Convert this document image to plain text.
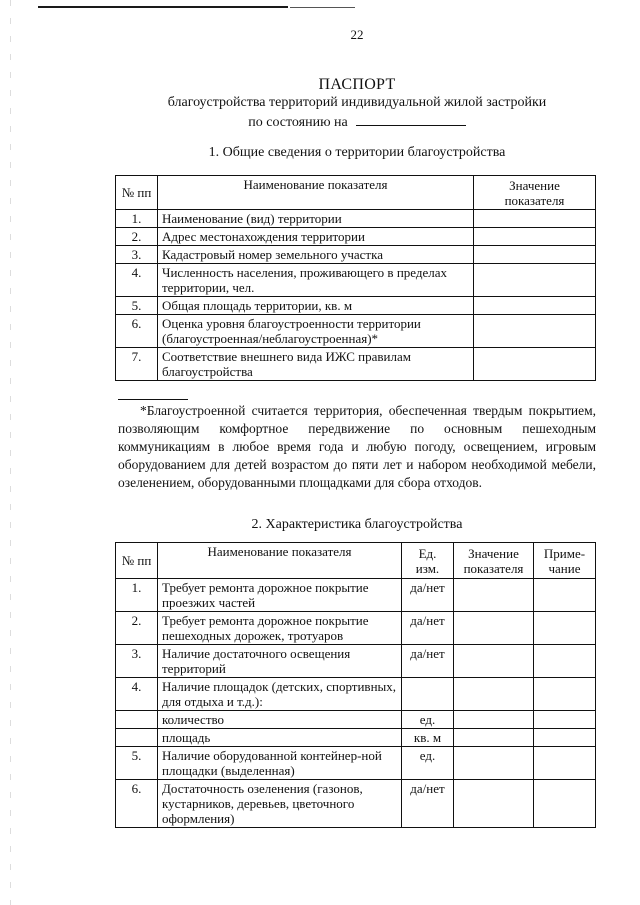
22
ПАСПОРТ
благоустройства территорий индивидуальной жилой застройки
по состоянию на
1. Общие сведения о территории благоустройства
№ пп	Наименование показателя	Значение показателя
1.	Наименование (вид) территории	
2.	Адрес местонахождения территории	
3.	Кадастровый номер земельного участка	
4.	Численность населения, проживающего в пределах территории, чел.	
5.	Общая площадь территории, кв. м	
6.	Оценка уровня благоустроенности территории (благоустроенная/неблагоустроенная)*	
7.	Соответствие внешнего вида ИЖС правилам благоустройства	
*Благоустроенной считается территория, обеспеченная твердым покрытием, позволяющим комфортное передвижение по основным пешеходным коммуникациям в любое время года и любую погоду, освещением, игровым оборудованием для детей возрастом до пяти лет и набором необходимой мебели, озеленением, оборудованными площадками для сбора отходов.
2. Характеристика благоустройства
№ пп	Наименование показателя	Ед. изм.	Значение показателя	Приме-чание
1.	Требует ремонта дорожное покрытие проезжих частей	да/нет		
2.	Требует ремонта дорожное покрытие пешеходных дорожек, тротуаров	да/нет		
3.	Наличие достаточного освещения территорий	да/нет		
4.	Наличие площадок (детских, спортивных, для отдыха и т.д.):			
	количество	ед.		
	площадь	кв. м		
5.	Наличие оборудованной контейнер-ной площадки (выделенная)	ед.		
6.	Достаточность озеленения (газонов, кустарников, деревьев, цветочного оформления)	да/нет		
